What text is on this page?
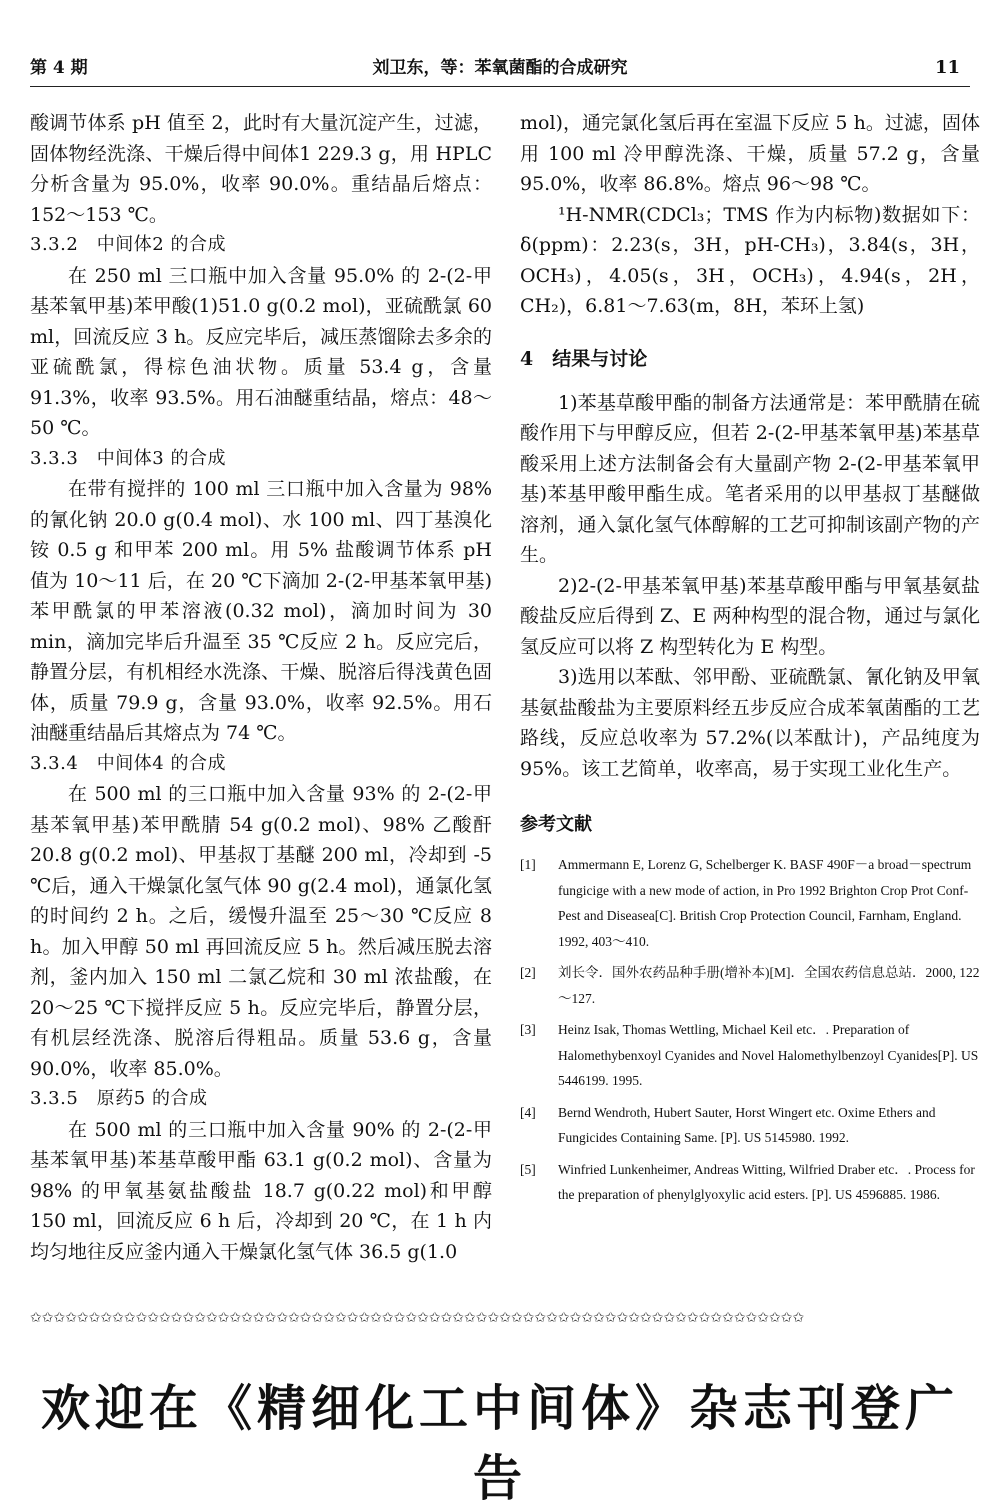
第 4 期	刘卫东，等：苯氧菌酯的合成研究	11
酸调节体系 pH 值至 2，此时有大量沉淀产生，过滤，固体物经洗涤、干燥后得中间体1 229.3 g，用 HPLC 分析含量为 95.0%，收率 90.0%。重结晶后熔点：152～153 ℃。
3.3.2　中间体2 的合成
在 250 ml 三口瓶中加入含量 95.0% 的 2-(2-甲基苯氧甲基)苯甲酸(1)51.0 g(0.2 mol)，亚硫酰氯 60 ml，回流反应 3 h。反应完毕后，减压蒸馏除去多余的亚硫酰氯，得棕色油状物。质量 53.4 g，含量 91.3%，收率 93.5%。用石油醚重结晶，熔点：48～50 ℃。
3.3.3　中间体3 的合成
在带有搅拌的 100 ml 三口瓶中加入含量为 98% 的氰化钠 20.0 g(0.4 mol)、水 100 ml、四丁基溴化铵 0.5 g 和甲苯 200 ml。用 5% 盐酸调节体系 pH 值为 10～11 后，在 20 ℃下滴加 2-(2-甲基苯氧甲基)苯甲酰氯的甲苯溶液(0.32 mol)，滴加时间为 30 min，滴加完毕后升温至 35 ℃反应 2 h。反应完后，静置分层，有机相经水洗涤、干燥、脱溶后得浅黄色固体，质量 79.9 g，含量 93.0%，收率 92.5%。用石油醚重结晶后其熔点为 74 ℃。
3.3.4　中间体4 的合成
在 500 ml 的三口瓶中加入含量 93% 的 2-(2-甲基苯氧甲基)苯甲酰腈 54 g(0.2 mol)、98% 乙酸酐 20.8 g(0.2 mol)、甲基叔丁基醚 200 ml，冷却到 -5 ℃后，通入干燥氯化氢气体 90 g(2.4 mol)，通氯化氢的时间约 2 h。之后，缓慢升温至 25～30 ℃反应 8 h。加入甲醇 50 ml 再回流反应 5 h。然后减压脱去溶剂，釜内加入 150 ml 二氯乙烷和 30 ml 浓盐酸，在 20～25 ℃下搅拌反应 5 h。反应完毕后，静置分层，有机层经洗涤、脱溶后得粗品。质量 53.6 g，含量 90.0%，收率 85.0%。
3.3.5　原药5 的合成
在 500 ml 的三口瓶中加入含量 90% 的 2-(2-甲基苯氧甲基)苯基草酸甲酯 63.1 g(0.2 mol)、含量为 98% 的甲氧基氨盐酸盐 18.7 g(0.22 mol)和甲醇 150 ml，回流反应 6 h 后，冷却到 20 ℃，在 1 h 内均匀地往反应釜内通入干燥氯化氢气体 36.5 g(1.0
mol)，通完氯化氢后再在室温下反应 5 h。过滤，固体用 100 ml 冷甲醇洗涤、干燥，质量 57.2 g，含量 95.0%，收率 86.8%。熔点 96～98 ℃。
¹H-NMR(CDCl₃；TMS 作为内标物)数据如下：δ(ppm)：2.23(s，3H，pH-CH₃)，3.84(s，3H，OCH₃)，4.05(s，3H，OCH₃)，4.94(s，2H，CH₂)，6.81～7.63(m，8H，苯环上氢)
4　结果与讨论
1)苯基草酸甲酯的制备方法通常是：苯甲酰腈在硫酸作用下与甲醇反应，但若 2-(2-甲基苯氧甲基)苯基草酸采用上述方法制备会有大量副产物 2-(2-甲基苯氧甲基)苯基甲酸甲酯生成。笔者采用的以甲基叔丁基醚做溶剂，通入氯化氢气体醇解的工艺可抑制该副产物的产生。
2)2-(2-甲基苯氧甲基)苯基草酸甲酯与甲氧基氨盐酸盐反应后得到 Z、E 两种构型的混合物，通过与氯化氢反应可以将 Z 构型转化为 E 构型。
3)选用以苯酞、邻甲酚、亚硫酰氯、氰化钠及甲氧基氨盐酸盐为主要原料经五步反应合成苯氧菌酯的工艺路线，反应总收率为 57.2%(以苯酞计)，产品纯度为 95%。该工艺简单，收率高，易于实现工业化生产。
参考文献
[1] Ammermann E, Lorenz G, Schelberger K. BASF 490F－a broad－spectrum fungicige with a new mode of action, in Pro 1992 Brighton Crop Prot Conf-Pest and Diseasea[C]. British Crop Protection Council, Farnham, England. 1992, 403～410.
[2] 刘长令．国外农药品种手册(增补本)[M]．全国农药信息总站．2000, 122～127.
[3] Heinz Isak, Thomas Wettling, Michael Keil etc．. Preparation of Halomethybenxoyl Cyanides and Novel Halomethylbenzoyl Cyanides[P]. US 5446199. 1995.
[4] Bernd Wendroth, Hubert Sauter, Horst Wingert etc. Oxime Ethers and Fungicides Containing Same. [P]. US 5145980. 1992.
[5] Winfried Lunkenheimer, Andreas Witting, Wilfried Draber etc．. Process for the preparation of phenylglyoxylic acid esters. [P]. US 4596885. 1986.
✩✩✩✩✩✩✩✩✩✩✩✩✩✩✩✩✩✩✩✩✩✩✩✩✩✩✩✩✩✩✩✩✩✩✩✩✩✩✩✩✩✩✩✩✩✩✩✩✩✩✩✩✩✩✩✩✩✩✩✩✩✩✩✩✩✩
欢迎在《精细化工中间体》杂志刊登广告
